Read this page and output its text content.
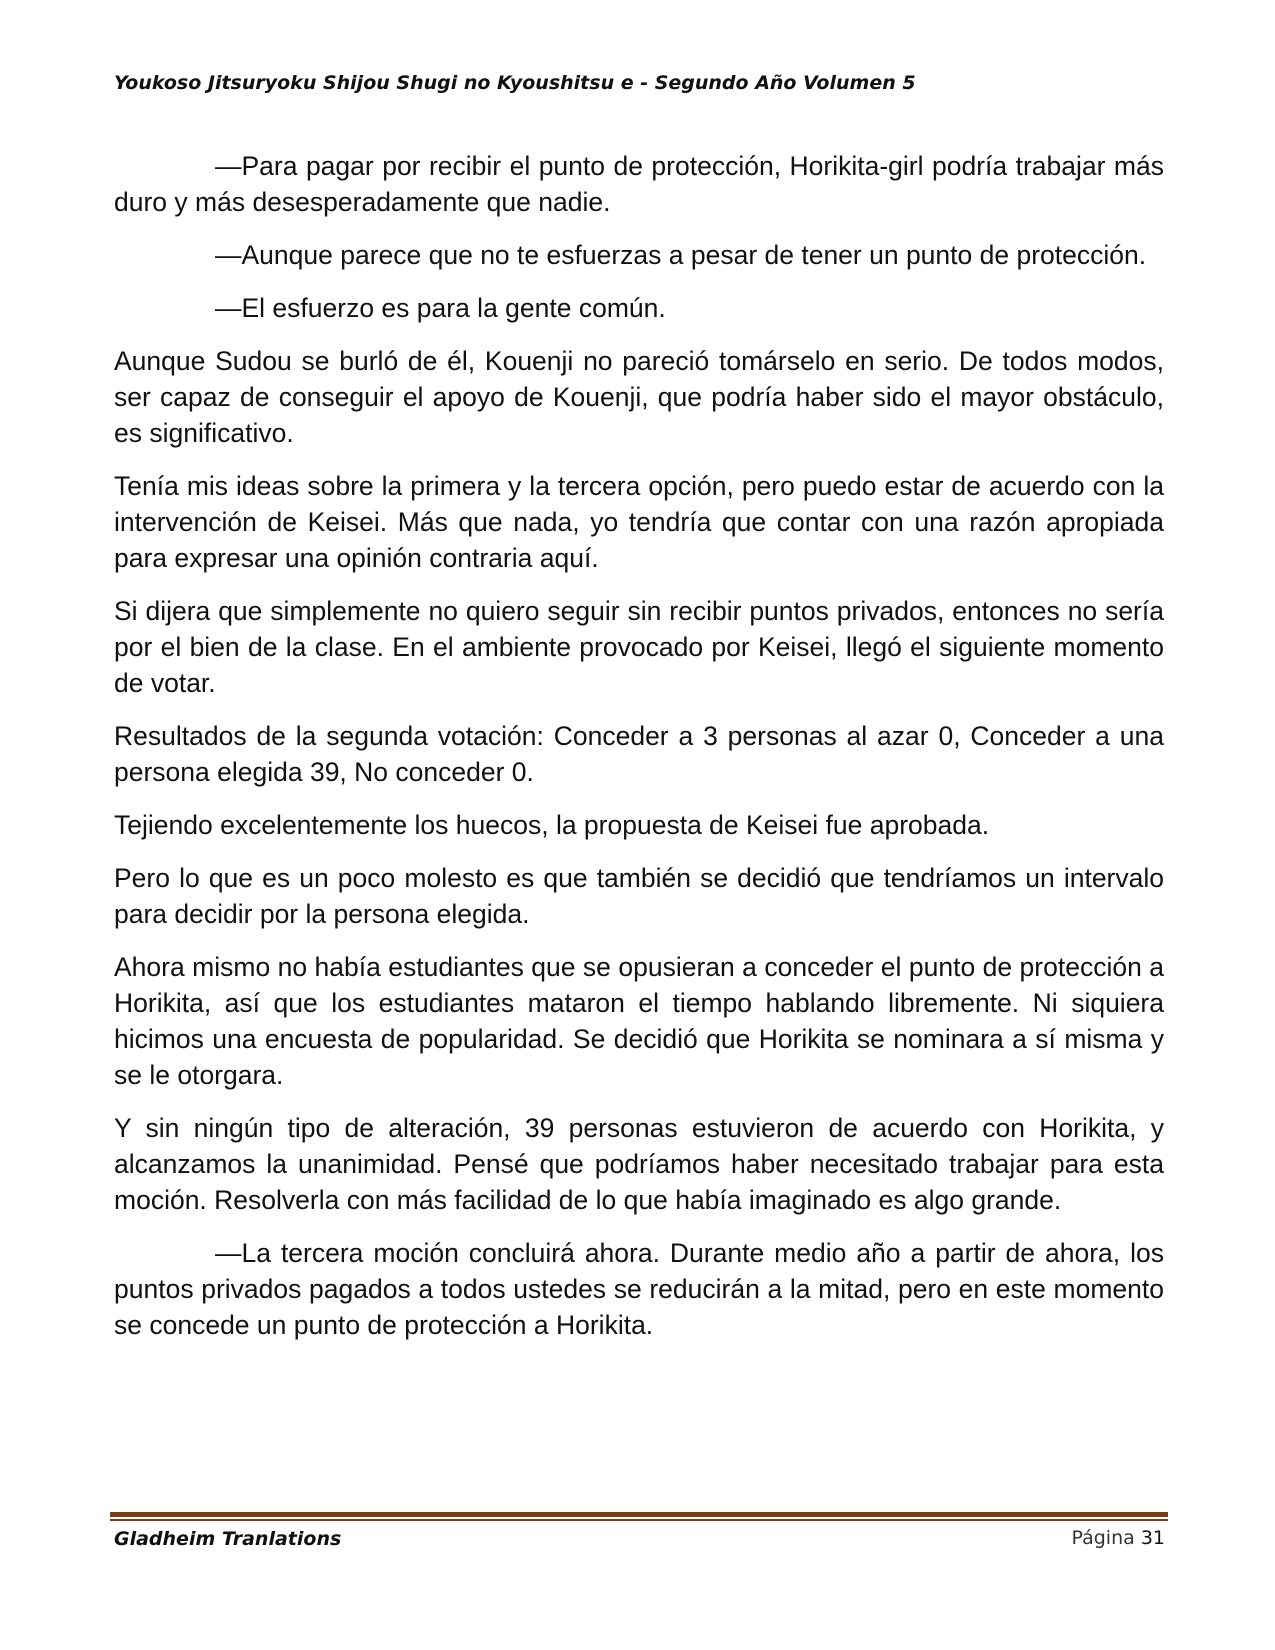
Youkoso Jitsuryoku Shijou Shugi no Kyoushitsu e - Segundo Año Volumen 5

—Para pagar por recibir el punto de protección, Horikita-girl podría trabajar más duro y más desesperadamente que nadie.

—Aunque parece que no te esfuerzas a pesar de tener un punto de protección.

—El esfuerzo es para la gente común.

Aunque Sudou se burló de él, Kouenji no pareció tomárselo en serio. De todos modos, ser capaz de conseguir el apoyo de Kouenji, que podría haber sido el mayor obstáculo, es significativo.

Tenía mis ideas sobre la primera y la tercera opción, pero puedo estar de acuerdo con la intervención de Keisei. Más que nada, yo tendría que contar con una razón apropiada para expresar una opinión contraria aquí.

Si dijera que simplemente no quiero seguir sin recibir puntos privados, entonces no sería por el bien de la clase. En el ambiente provocado por Keisei, llegó el siguiente momento de votar.

Resultados de la segunda votación: Conceder a 3 personas al azar 0, Conceder a una persona elegida 39, No conceder 0.

Tejiendo excelentemente los huecos, la propuesta de Keisei fue aprobada.

Pero lo que es un poco molesto es que también se decidió que tendríamos un intervalo para decidir por la persona elegida.

Ahora mismo no había estudiantes que se opusieran a conceder el punto de protección a Horikita, así que los estudiantes mataron el tiempo hablando libremente. Ni siquiera hicimos una encuesta de popularidad. Se decidió que Horikita se nominara a sí misma y se le otorgara.

Y sin ningún tipo de alteración, 39 personas estuvieron de acuerdo con Horikita, y alcanzamos la unanimidad. Pensé que podríamos haber necesitado trabajar para esta moción. Resolverla con más facilidad de lo que había imaginado es algo grande.

—La tercera moción concluirá ahora. Durante medio año a partir de ahora, los puntos privados pagados a todos ustedes se reducirán a la mitad, pero en este momento se concede un punto de protección a Horikita.

Gladheim Tranlations	Página 31
